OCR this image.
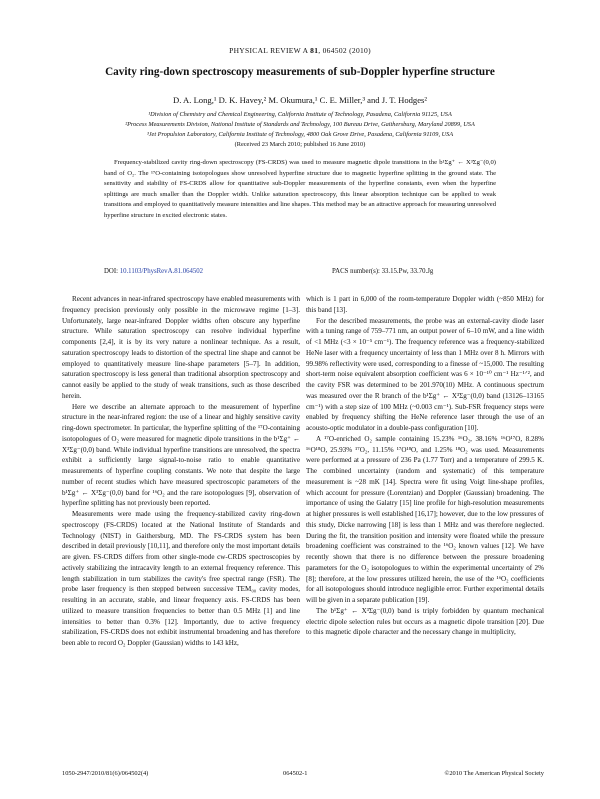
PHYSICAL REVIEW A 81, 064502 (2010)
Cavity ring-down spectroscopy measurements of sub-Doppler hyperfine structure
D. A. Long,¹ D. K. Havey,² M. Okumura,¹ C. E. Miller,³ and J. T. Hodges²
¹Division of Chemistry and Chemical Engineering, California Institute of Technology, Pasadena, California 91125, USA
²Process Measurements Division, National Institute of Standards and Technology, 100 Bureau Drive, Gaithersburg, Maryland 20899, USA
³Jet Propulsion Laboratory, California Institute of Technology, 4800 Oak Grove Drive, Pasadena, California 91109, USA
(Received 23 March 2010; published 16 June 2010)
Frequency-stabilized cavity ring-down spectroscopy (FS-CRDS) was used to measure magnetic dipole transitions in the b¹Σg⁺ ← X³Σg⁻(0,0) band of O₂. The ¹⁷O-containing isotopologues show unresolved hyperfine structure due to magnetic hyperfine splitting in the ground state. The sensitivity and stability of FS-CRDS allow for quantitative sub-Doppler measurements of the hyperfine constants, even when the hyperfine splittings are much smaller than the Doppler width. Unlike saturation spectroscopy, this linear absorption technique can be applied to weak transitions and employed to quantitatively measure intensities and line shapes. This method may be an attractive approach for measuring unresolved hyperfine structure in excited electronic states.
DOI: 10.1103/PhysRevA.81.064502	PACS number(s): 33.15.Pw, 33.70.Jg

Recent advances in near-infrared spectroscopy have enabled measurements with frequency precision previously only possible in the microwave regime [1–3]. Unfortunately, large near-infrared Doppler widths often obscure any hyperfine structure. While saturation spectroscopy can resolve individual hyperfine components [2,4], it is by its very nature a nonlinear technique. As a result, saturation spectroscopy leads to distortion of the spectral line shape and cannot be employed to quantitatively measure line-shape parameters [5–7]. In addition, saturation spectroscopy is less general than traditional absorption spectroscopy and cannot easily be applied to the study of weak transitions, such as those described herein.

Here we describe an alternate approach to the measurement of hyperfine structure in the near-infrared region: the use of a linear and highly sensitive cavity ring-down spectrometer. In particular, the hyperfine splitting of the ¹⁷O-containing isotopologues of O₂ were measured for magnetic dipole transitions in the b¹Σg⁺ ← X³Σg⁻(0,0) band. While individual hyperfine transitions are unresolved, the spectra exhibit a sufficiently large signal-to-noise ratio to enable quantitative measurements of hyperfine coupling constants. We note that despite the large number of recent studies which have measured spectroscopic parameters of the b¹Σg⁺ ← X³Σg⁻(0,0) band for ¹⁶O₂ and the rare isotopologues [9], observation of hyperfine splitting has not previously been reported.

Measurements were made using the frequency-stabilized cavity ring-down spectroscopy (FS-CRDS) located at the National Institute of Standards and Technology (NIST) in Gaithersburg, MD. The FS-CRDS system has been described in detail previously [10,11], and therefore only the most important details are given. FS-CRDS differs from other single-mode cw-CRDS spectroscopies by actively stabilizing the intracavity length to an external frequency reference. This length stabilization in turn stabilizes the cavity's free spectral range (FSR). The probe laser frequency is then stepped between successive TEM₀₀ cavity modes, resulting in an accurate, stable, and linear frequency axis. FS-CRDS has been utilized to measure transition frequencies to better than 0.5 MHz [1] and line intensities to better than 0.3% [12]. Importantly, due to active frequency stabilization, FS-CRDS does not exhibit instrumental broadening and has therefore been able to record O₂ Doppler (Gaussian) widths to 143 kHz,

which is 1 part in 6,000 of the room-temperature Doppler width (~850 MHz) for this band [13].

For the described measurements, the probe was an external-cavity diode laser with a tuning range of 759–771 nm, an output power of 6–10 mW, and a line width of <1 MHz (<3 × 10⁻⁵ cm⁻¹). The frequency reference was a frequency-stabilized HeNe laser with a frequency uncertainty of less than 1 MHz over 8 h. Mirrors with 99.98% reflectivity were used, corresponding to a finesse of ~15,000. The resulting short-term noise equivalent absorption coefficient was 6 × 10⁻¹⁰ cm⁻¹ Hz⁻¹ᐟ², and the cavity FSR was determined to be 201.970(10) MHz. A continuous spectrum was measured over the R branch of the b¹Σg⁺ ← X³Σg⁻(0,0) band (13126–13165 cm⁻¹) with a step size of 100 MHz (~0.003 cm⁻¹). Sub-FSR frequency steps were enabled by frequency shifting the HeNe reference laser through the use of an acousto-optic modulator in a double-pass configuration [10].

A ¹⁷O-enriched O₂ sample containing 15.23% ¹⁶O₂, 38.16% ¹⁶O¹⁷O, 8.28% ¹⁶O¹⁸O, 25.93% ¹⁷O₂, 11.15% ¹⁷O¹⁸O, and 1.25% ¹⁸O₂ was used. Measurements were performed at a pressure of 236 Pa (1.77 Torr) and a temperature of 299.5 K. The combined uncertainty (random and systematic) of this temperature measurement is ~28 mK [14]. Spectra were fit using Voigt line-shape profiles, which account for pressure (Lorentzian) and Doppler (Gaussian) broadening. The importance of using the Galatry [15] line profile for high-resolution measurements at higher pressures is well established [16,17]; however, due to the low pressures of this study, Dicke narrowing [18] is less than 1 MHz and was therefore neglected. During the fit, the transition position and intensity were floated while the pressure broadening coefficient was constrained to the ¹⁶O₂ known values [12]. We have recently shown that there is no difference between the pressure broadening parameters for the O₂ isotopologues to within the experimental uncertainty of 2% [8]; therefore, at the low pressures utilized herein, the use of the ¹⁶O₂ coefficients for all isotopologues should introduce negligible error. Further experimental details will be given in a separate publication [19].

The b¹Σg⁺ ← X³Σg⁻(0,0) band is triply forbidden by quantum mechanical electric dipole selection rules but occurs as a magnetic dipole transition [20]. Due to this magnetic dipole character and the necessary change in multiplicity,

1050-2947/2010/81(6)/064502(4)	064502-1	©2010 The American Physical Society
